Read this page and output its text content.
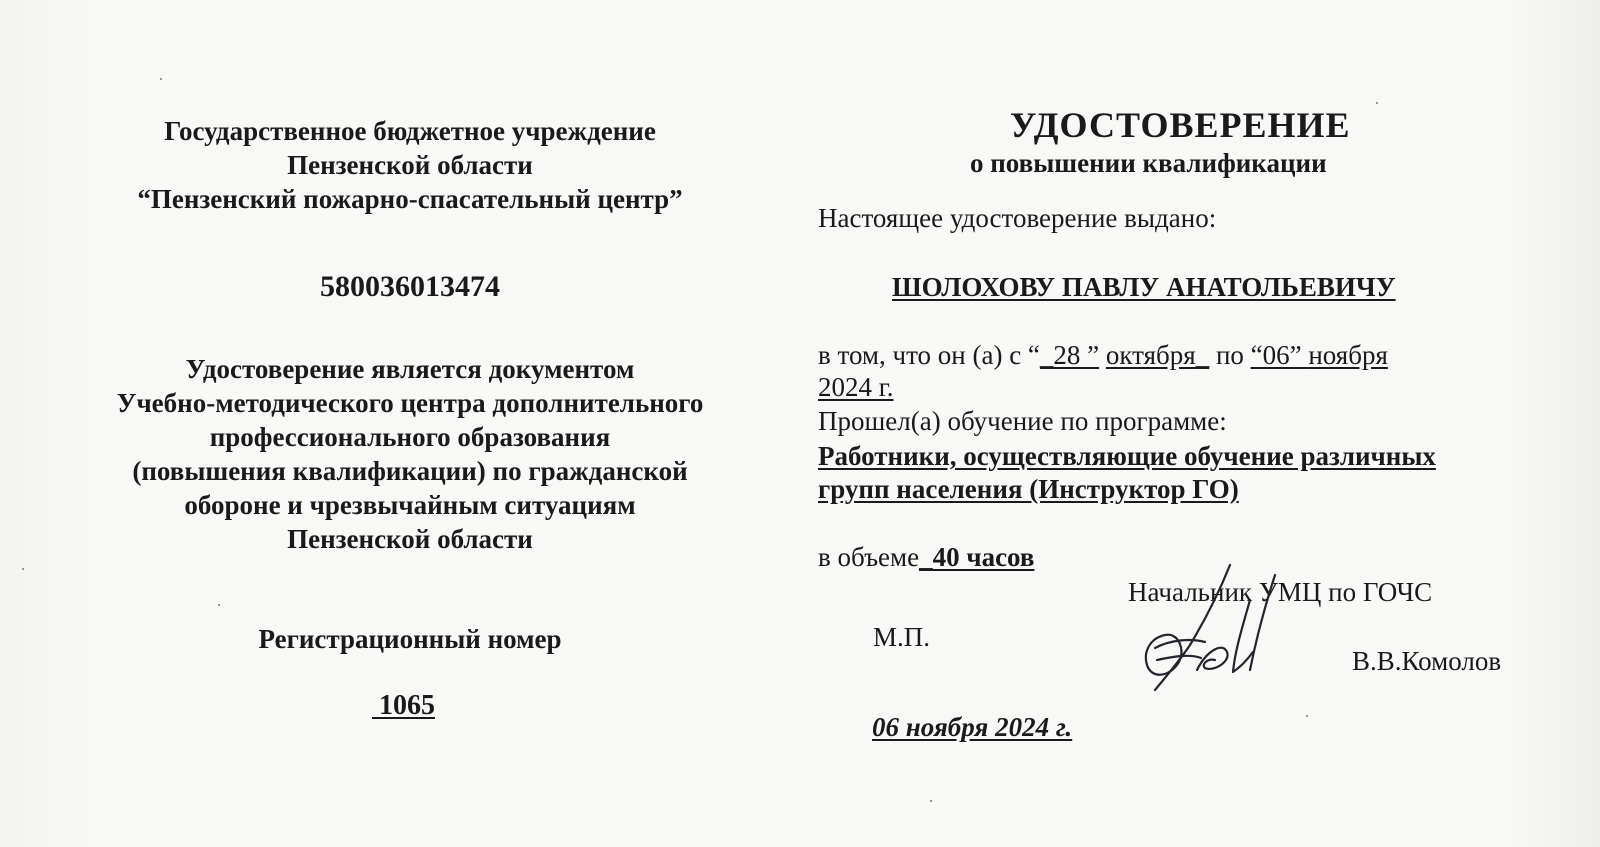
Государственное бюджетное учреждение
Пензенской области
“Пензенский пожарно-спасательный центр”
580036013474
Удостоверение является документом
Учебно-методического центра дополнительного
профессионального образования
(повышения квалификации) по гражданской
обороне и чрезвычайным ситуациям
Пензенской области
Регистрационный номер
1065
УДОСТОВЕРЕНИЕ
о повышении квалификации
Настоящее удостоверение выдано:
ШОЛОХОВУ ПАВЛУ АНАТОЛЬЕВИЧУ
в том, что он (а) с “_28 ” октября_ по “06” ноября
2024 г.
Прошел(а) обучение по программе:
Работники, осуществляющие обучение различных
групп населения (Инструктор ГО)
в объеме_40 часов
Начальник УМЦ по ГОЧС
М.П.
В.В.Комолов
06 ноября 2024 г.
